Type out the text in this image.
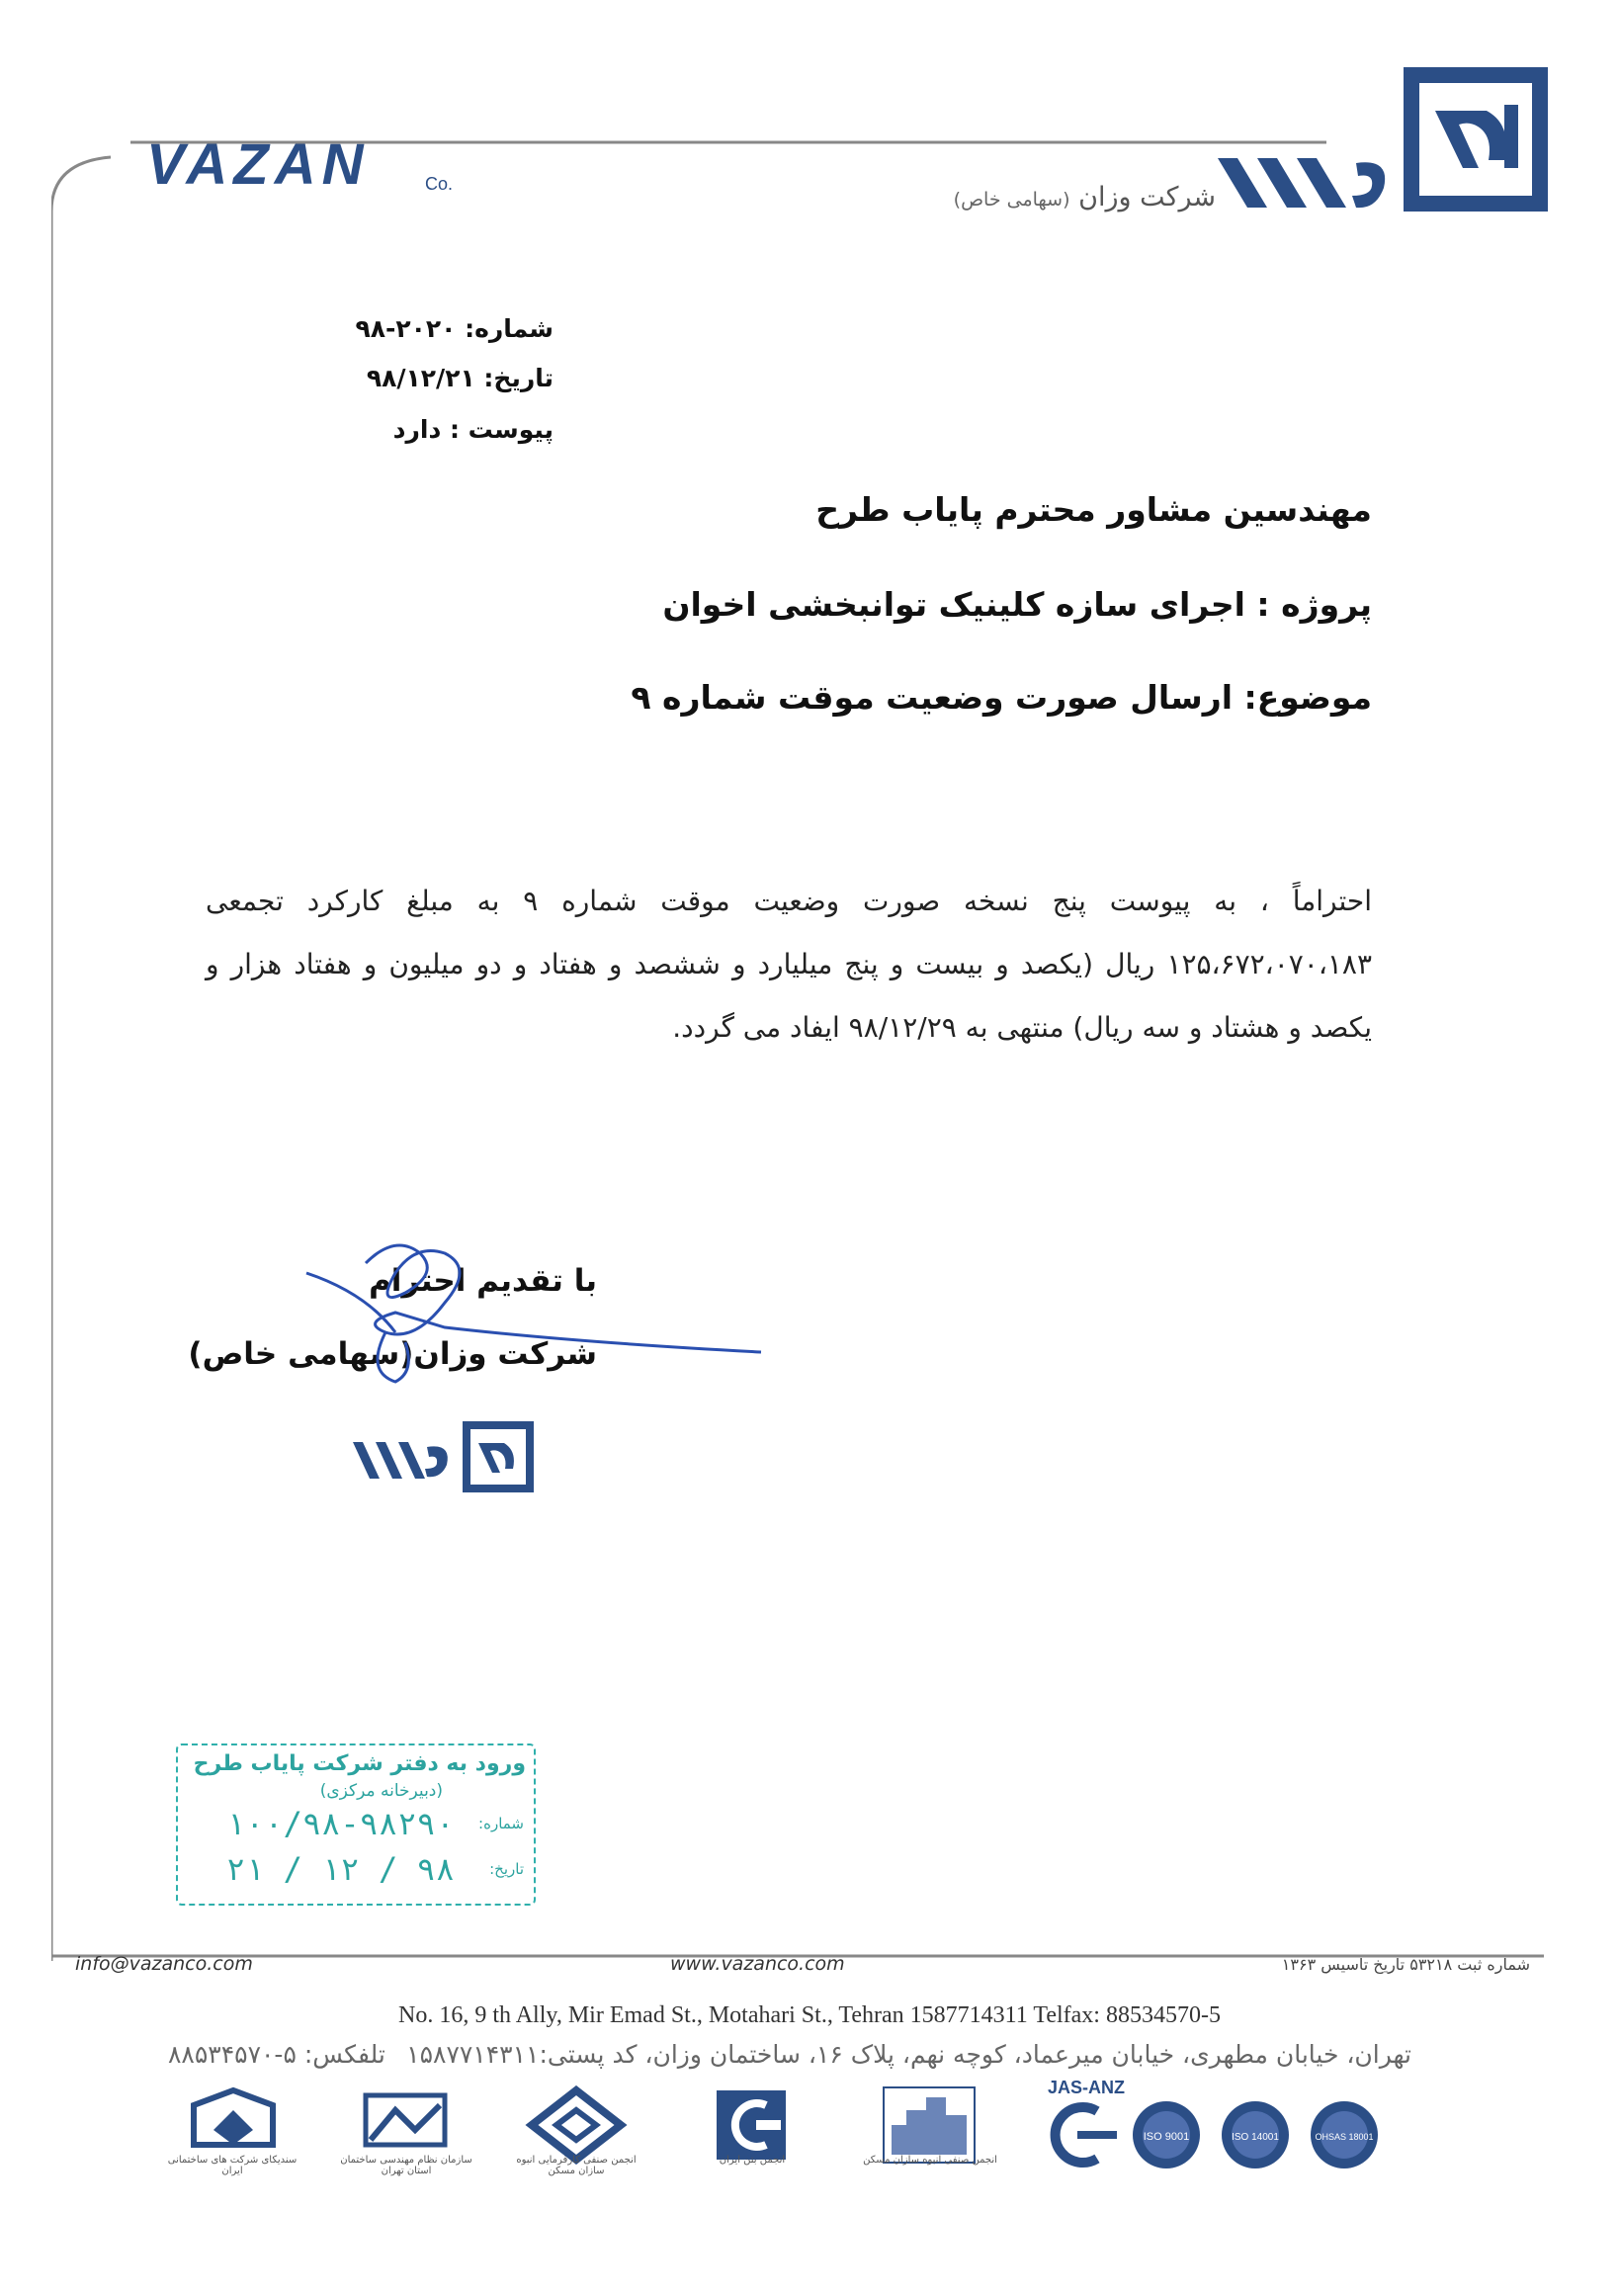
VAZAN	Co.	شرکت وزان (سهامی خاص)
شماره: ۲۰۲۰-۹۸
تاریخ: ۹۸/۱۲/۲۱
پیوست : دارد
مهندسین مشاور محترم پایاب طرح
پروژه : اجرای سازه کلینیک توانبخشی اخوان
موضوع: ارسال صورت وضعیت موقت شماره ۹
احتراماً ، به پیوست پنج نسخه صورت وضعیت موقت شماره ۹ به مبلغ کارکرد تجمعی ۱۲۵،۶۷۲،۰۷۰،۱۸۳ ریال (یکصد و بیست و پنج میلیارد و ششصد و هفتاد و دو میلیون و هفتاد هزار و یکصد و هشتاد و سه ریال) منتهی به ۹۸/۱۲/۲۹ ایفاد می گردد.
با تقدیم احترام
شرکت وزان(سهامی خاص)
ورود به دفتر شرکت پایاب طرح
(دبیرخانه مرکزی)
شماره:
۱۰۰/۹۸-۹۸۲۹۰
تاریخ:
۹۸ / ۱۲ / ۲۱
info@vazanco.com	www.vazanco.com	شماره ثبت ۵۳۲۱۸ تاریخ تاسیس ۱۳۶۳
No. 16, 9 th Ally, Mir Emad St., Motahari St., Tehran 1587714311 Telfax: 88534570-5
تهران، خیابان مطهری، خیابان میرعماد، کوچه نهم، پلاک ۱۶، ساختمان وزان، کد پستی:۱۵۸۷۷۱۴۳۱۱
تلفکس: ۵-۸۸۵۳۴۵۷۰
سندیکای شرکت های ساختمانی ایران
سازمان نظام مهندسی ساختمان استان تهران
انجمن صنفی کارفرمایی انبوه سازان مسکن
انجمن بتن ایران	انجمن صنفی انبوه سازان مسکن
JAS-ANZ
ISO 9001	ISO 14001	OHSAS 18001
